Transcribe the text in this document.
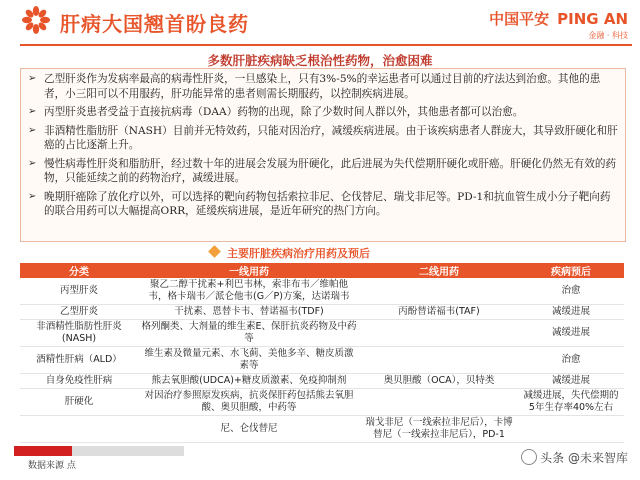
肝病大国翘首盼良药	中国平安 PING AN
金融 · 科技
多数肝脏疾病缺乏根治性药物，治愈困难
➢ 乙型肝炎作为发病率最高的病毒性肝炎，一旦感染上，只有3%-5%的幸运患者可以通过目前的疗法达到治愈。其他的患者，小三阳可以不用服药，肝功能异常的患者则需长期服药，以控制疾病进展。
➢ 丙型肝炎患者受益于直接抗病毒（DAA）药物的出现，除了少数时间人群以外，其他患者都可以治愈。
➢ 非酒精性脂肪肝（NASH）目前并无特效药，只能对因治疗，减缓疾病进展。由于该疾病患者人群庞大，其导致肝硬化和肝癌的占比逐渐上升。
➢ 慢性病毒性肝炎和脂肪肝，经过数十年的进展会发展为肝硬化，此后进展为失代偿期肝硬化或肝癌。肝硬化仍然无有效的药物，只能延续之前的药物治疗，减缓进展。
➢ 晚期肝癌除了放化疗以外，可以选择的靶向药物包括索拉非尼、仑伐替尼、瑞戈非尼等。PD-1和抗血管生成小分子靶向药的联合用药可以大幅提高ORR，延缓疾病进展，是近年研究的热门方向。
主要肝脏疾病治疗用药及预后
分类	一线用药	二线用药	疾病预后
丙型肝炎	聚乙二醇干扰素+利巴韦林，索非布韦／维帕他韦，格卡瑞韦／派仑他韦(G／P)方案，达诺瑞韦		治愈
乙型肝炎	干扰素、恩替卡韦、替诺福韦(TDF)	丙酚替诺福韦(TAF)	减缓进展
非酒精性脂肪性肝炎(NASH)	格列酮类、大剂量的维生素E、保肝抗炎药物及中药等		减缓进展
酒精性肝病（ALD）	维生素及微量元素、水飞蓟、美他多辛、糖皮质激素等		治愈
自身免疫性肝病	熊去氧胆酸(UDCA)+糖皮质激素、免疫抑制剂	奥贝胆酸（OCA），贝特类	减缓进展
肝硬化	对因治疗参照原发疾病，抗炎保肝药包括熊去氧胆酸、奥贝胆酸，中药等		减缓进展，失代偿期的5年生存率40%左右
	尼、仑伐替尼	瑞戈非尼（一线索拉非尼后），卡博替尼（一线索拉非尼后），PD-1	
数据来源 点
头条 @未来智库
